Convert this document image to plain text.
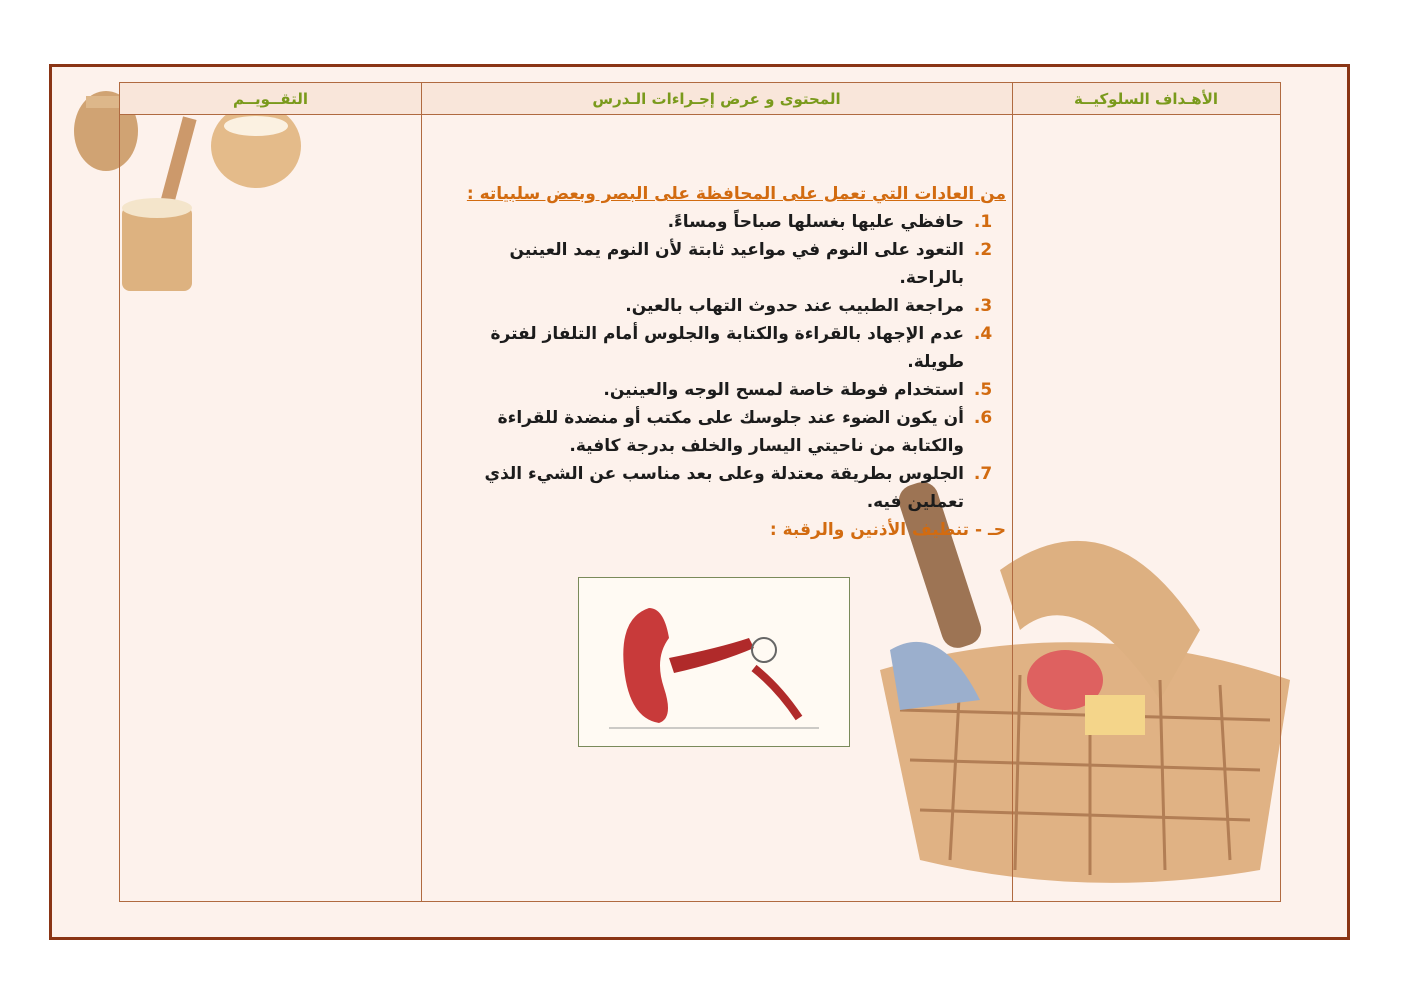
التقــويــم	المحتوى و عرض إجـراءات الـدرس	الأهـداف السلوكيــة
من العادات التي تعمل على المحافظة على البصر وبعض سلبياته :
1. حافظي عليها بغسلها صباحاً ومساءً.
2. التعود على النوم في مواعيد ثابتة لأن النوم يمد العينين بالراحة.
3. مراجعة الطبيب عند حدوث التهاب بالعين.
4. عدم الإجهاد بالقراءة والكتابة والجلوس أمام التلفاز لفترة طويلة.
5. استخدام فوطة خاصة لمسح الوجه والعينين.
6. أن يكون الضوء عند جلوسك على مكتب أو منضدة للقراءة والكتابة من ناحيتي اليسار والخلف بدرجة كافية.
7. الجلوس بطريقة معتدلة وعلى بعد مناسب عن الشيء الذي تعملين فيه.
حـ - تنظيف الأذنين والرقبة :
